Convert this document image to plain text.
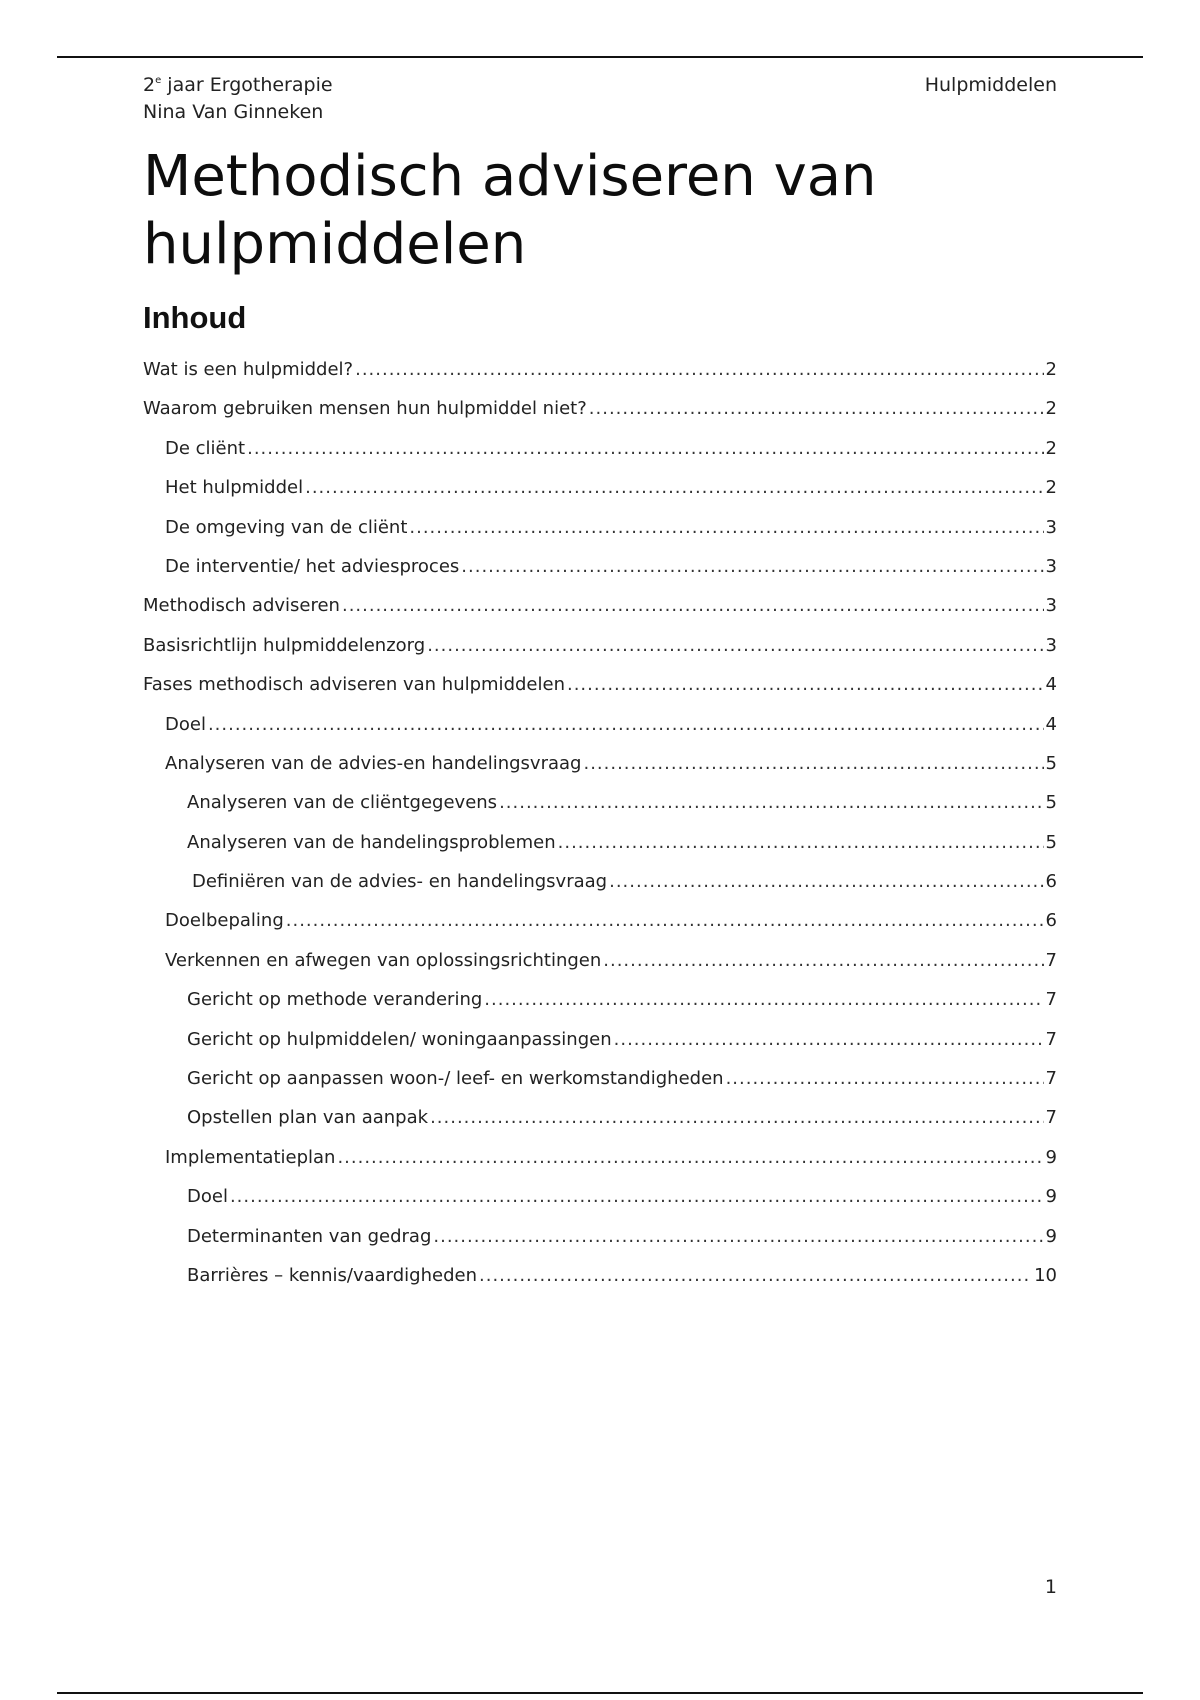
2e jaar Ergotherapie
Nina Van Ginneken
Hulpmiddelen
Methodisch adviseren van hulpmiddelen
Inhoud
Wat is een hulpmiddel? .....	2
Waarom gebruiken mensen hun hulpmiddel niet? .....	2
De cliënt .....	2
Het hulpmiddel .....	2
De omgeving van de cliënt .....	3
De interventie/ het adviesproces .....	3
Methodisch adviseren .....	3
Basisrichtlijn hulpmiddelenzorg .....	3
Fases methodisch adviseren van hulpmiddelen .....	4
Doel .....	4
Analyseren van de advies-en handelingsvraag .....	5
Analyseren van de cliëntgegevens .....	5
Analyseren van de handelingsproblemen .....	5
Definiëren van de advies- en handelingsvraag .....	6
Doelbepaling .....	6
Verkennen en afwegen van oplossingsrichtingen .....	7
Gericht op methode verandering .....	7
Gericht op hulpmiddelen/ woningaanpassingen .....	7
Gericht op aanpassen woon-/ leef- en werkomstandigheden .....	7
Opstellen plan van aanpak .....	7
Implementatieplan .....	9
Doel .....	9
Determinanten van gedrag .....	9
Barrières – kennis/vaardigheden .....	10
1
